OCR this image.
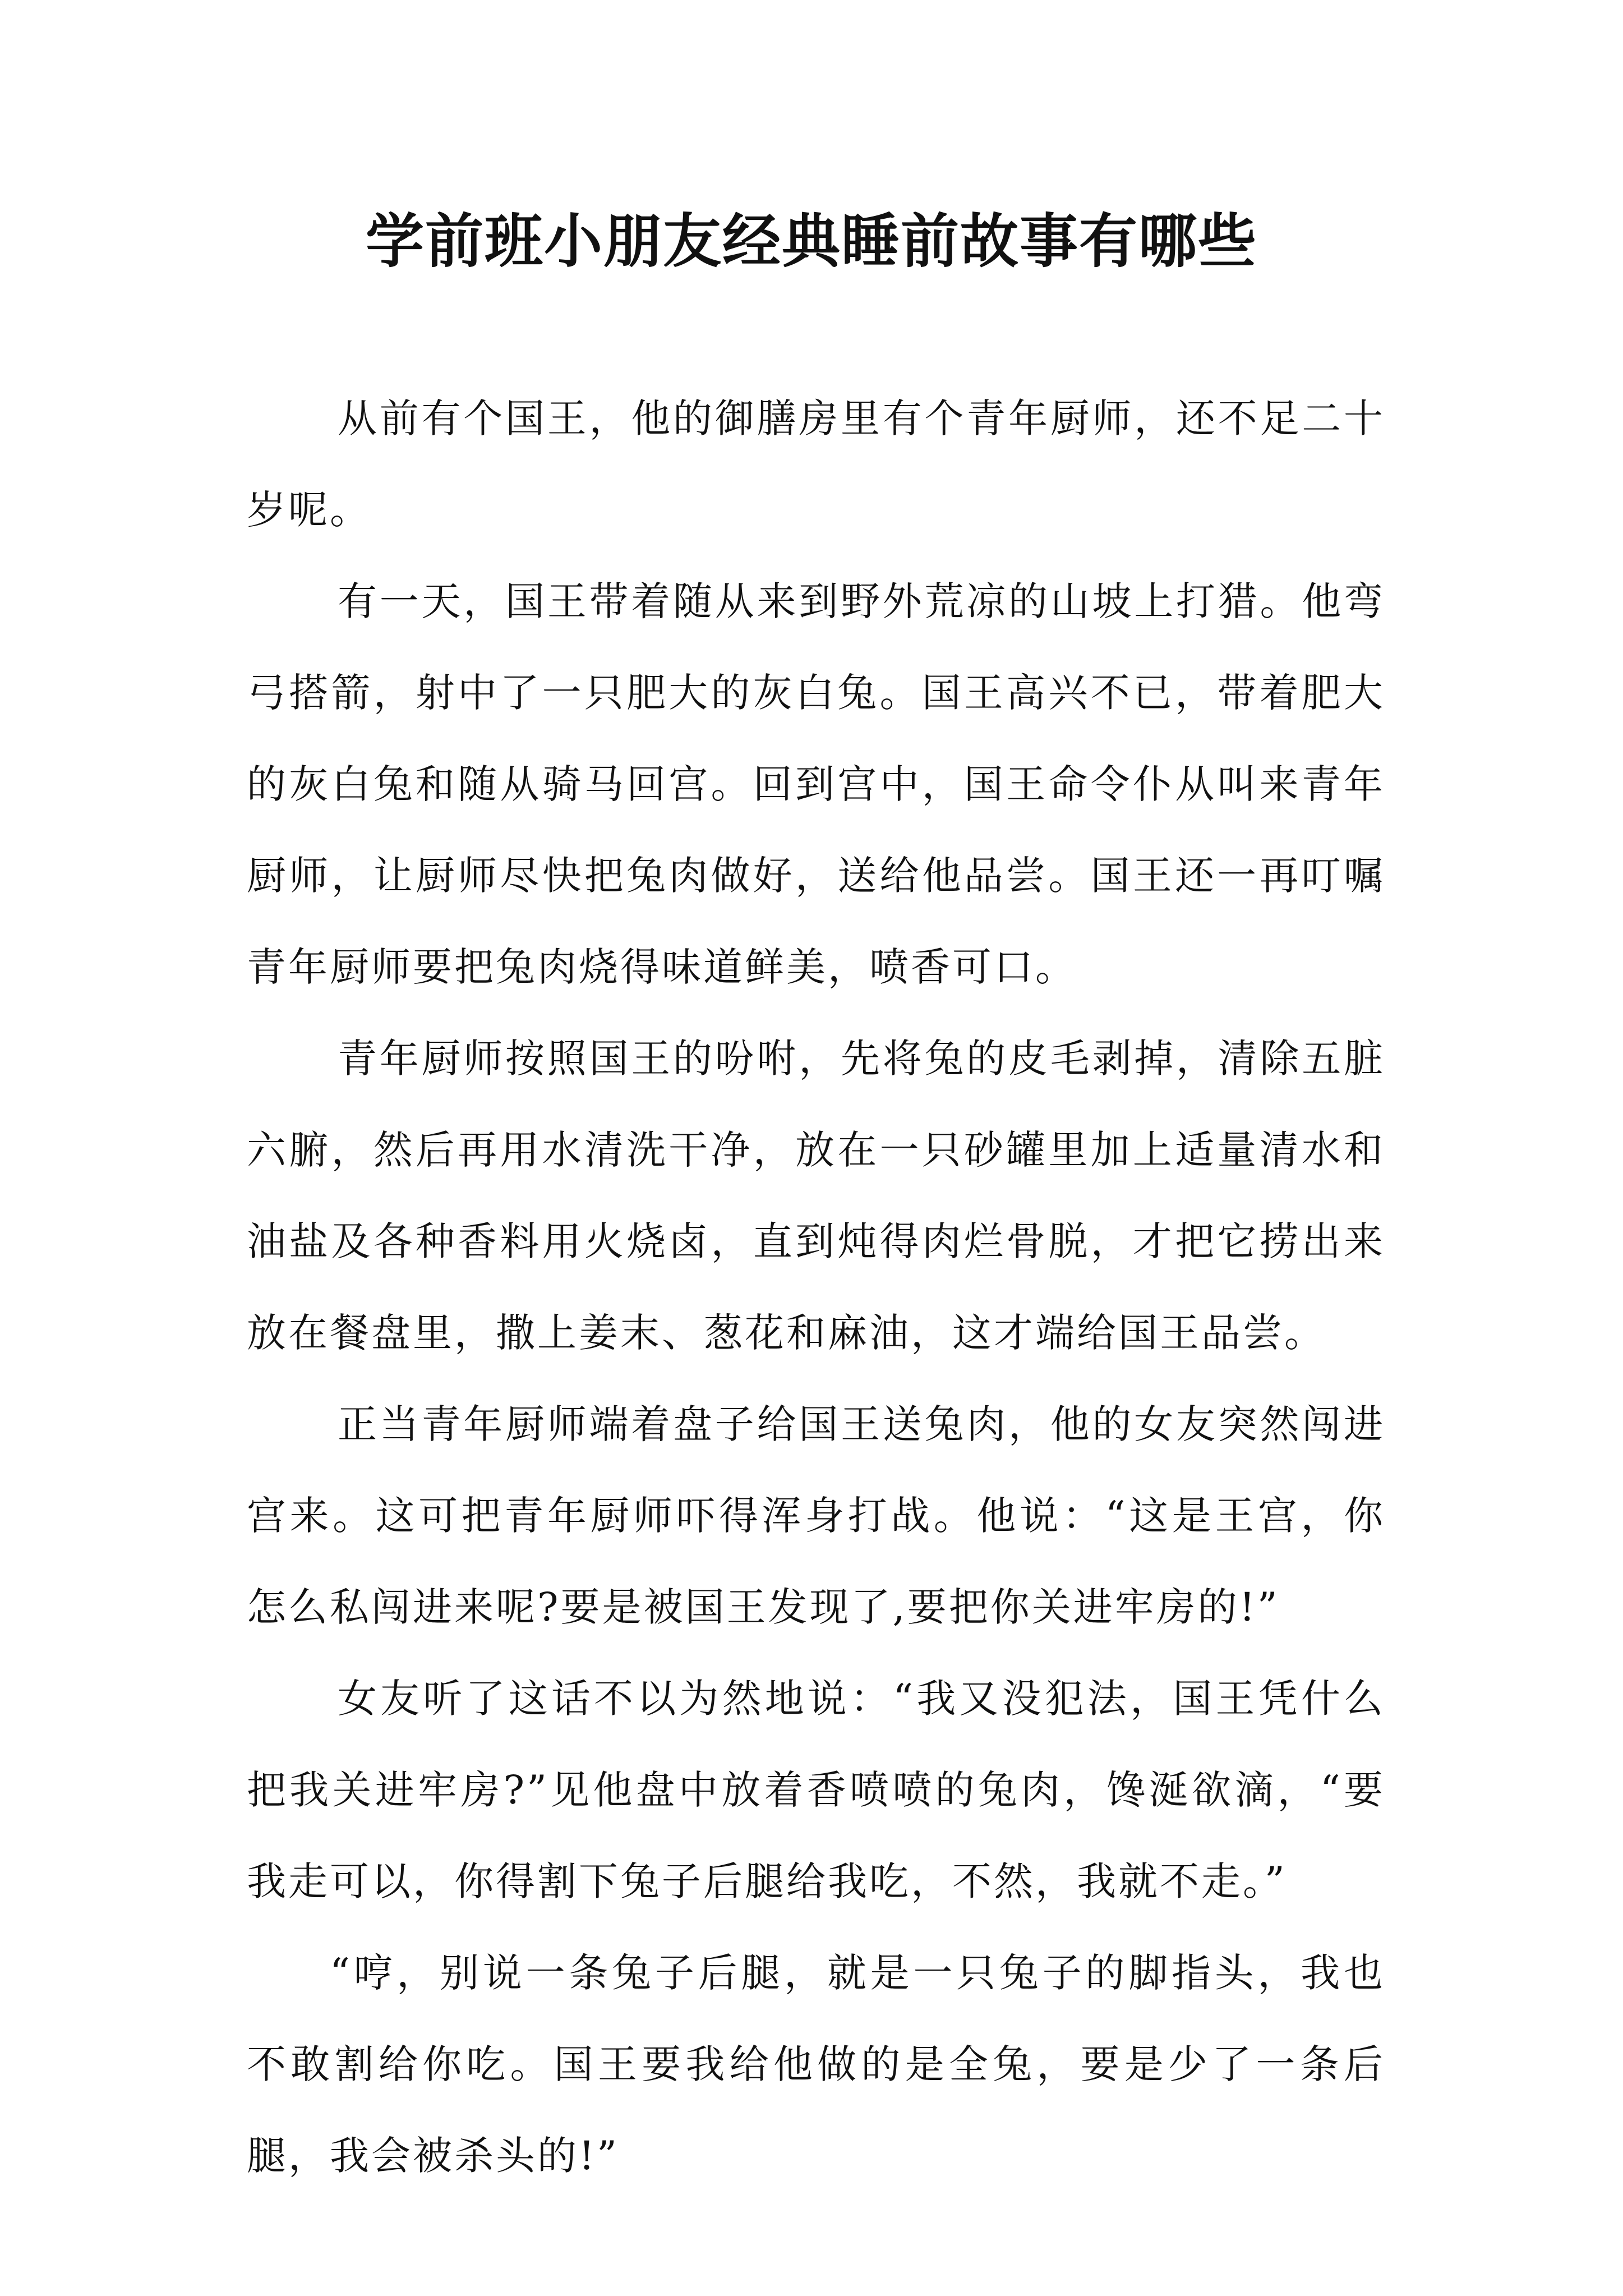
学前班小朋友经典睡前故事有哪些

从前有个国王，他的御膳房里有个青年厨师，还不足二十岁呢。

有一天，国王带着随从来到野外荒凉的山坡上打猎。他弯弓搭箭，射中了一只肥大的灰白兔。国王高兴不已，带着肥大的灰白兔和随从骑马回宫。回到宫中，国王命令仆从叫来青年厨师，让厨师尽快把兔肉做好，送给他品尝。国王还一再叮嘱青年厨师要把兔肉烧得味道鲜美，喷香可口。

青年厨师按照国王的吩咐，先将兔的皮毛剥掉，清除五脏六腑，然后再用水清洗干净，放在一只砂罐里加上适量清水和油盐及各种香料用火烧卤，直到炖得肉烂骨脱，才把它捞出来放在餐盘里，撒上姜末、葱花和麻油，这才端给国王品尝。

正当青年厨师端着盘子给国王送兔肉，他的女友突然闯进宫来。这可把青年厨师吓得浑身打战。他说：“这是王宫，你怎么私闯进来呢?要是被国王发现了,要把你关进牢房的!”

女友听了这话不以为然地说：“我又没犯法，国王凭什么把我关进牢房?”见他盘中放着香喷喷的兔肉，馋涎欲滴，“要我走可以，你得割下兔子后腿给我吃，不然，我就不走。”

“哼，别说一条兔子后腿，就是一只兔子的脚指头，我也不敢割给你吃。国王要我给他做的是全兔，要是少了一条后腿，我会被杀头的!”
